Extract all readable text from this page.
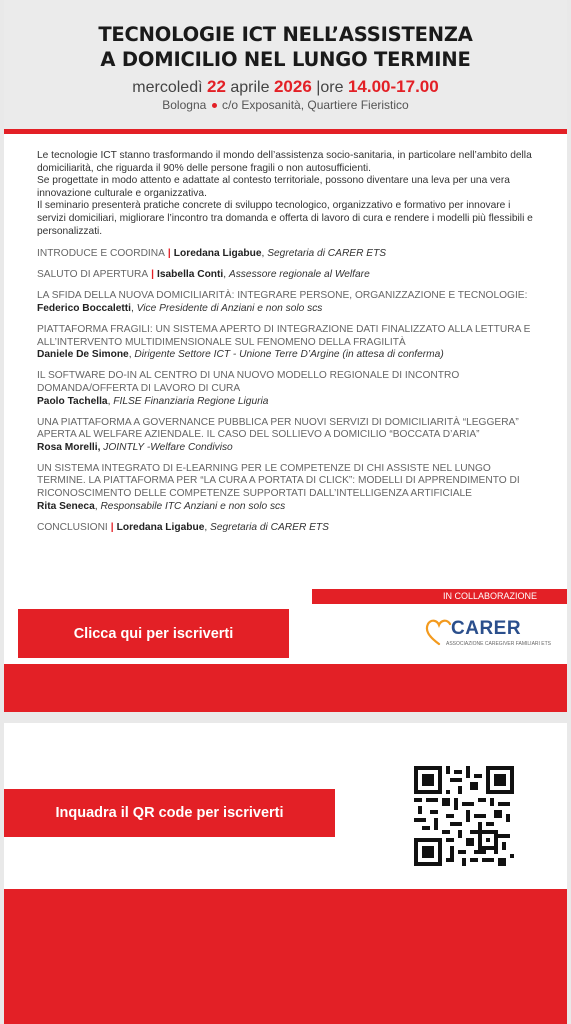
TECNOLOGIE ICT NELL’ASSISTENZA
A DOMICILIO NEL LUNGO TERMINE
mercoledì 22 aprile 2026 |ore 14.00-17.00
Bologna c/o Exposanità, Quartiere Fieristico

Le tecnologie ICT stanno trasformando il mondo dell’assistenza socio-sanitaria, in particolare nell’ambito della domiciliarità, che riguarda il 90% delle persone fragili o non autosufficienti.

Se progettate in modo attento e adattate al contesto territoriale, possono diventare una leva per una vera innovazione culturale e organizzativa.

Il seminario presenterà pratiche concrete di sviluppo tecnologico, organizzativo e formativo per innovare i servizi domiciliari, migliorare l’incontro tra domanda e offerta di lavoro di cura e rendere i modelli più flessibili e personalizzati.

INTRODUCE E COORDINA | Loredana Ligabue, Segretaria di CARER ETS
SALUTO DI APERTURA | Isabella Conti, Assessore regionale al Welfare
LA SFIDA DELLA NUOVA DOMICILIARITÀ: INTEGRARE PERSONE, ORGANIZZAZIONE E TECNOLOGIE:
Federico Boccaletti, Vice Presidente di Anziani e non solo scs
PIATTAFORMA FRAGILI: UN SISTEMA APERTO DI INTEGRAZIONE DATI FINALIZZATO ALLA LETTURA E ALL’INTERVENTO MULTIDIMENSIONALE SUL FENOMENO DELLA FRAGILITÀ
Daniele De Simone, Dirigente Settore ICT - Unione Terre D’Argine (in attesa di conferma)
IL SOFTWARE DO-IN AL CENTRO DI UNA NUOVO MODELLO REGIONALE DI INCONTRO DOMANDA/OFFERTA DI LAVORO DI CURA
Paolo Tachella, FILSE Finanziaria Regione Liguria
UNA PIATTAFORMA A GOVERNANCE PUBBLICA PER NUOVI SERVIZI DI DOMICILIARITÀ “LEGGERA” APERTA AL WELFARE AZIENDALE. IL CASO DEL SOLLIEVO A DOMICILIO “BOCCATA D’ARIA”
Rosa Morelli, JOINTLY -Welfare Condiviso
UN SISTEMA INTEGRATO DI E-LEARNING PER LE COMPETENZE DI CHI ASSISTE NEL LUNGO TERMINE. LA PIATTAFORMA PER “LA CURA A PORTATA DI CLICK”: MODELLI DI APPRENDIMENTO DI RICONOSCIMENTO DELLE COMPETENZE SUPPORTATI DALL’INTELLIGENZA ARTIFICIALE
Rita Seneca, Responsabile ITC Anziani e non solo scs
CONCLUSIONI | Loredana Ligabue, Segretaria di CARER ETS
IN COLLABORAZIONE
Clicca qui per iscriverti	CARER
ASSOCIAZIONE CAREGIVER FAMILIARI ETS
Inquadra il QR code per iscriverti
